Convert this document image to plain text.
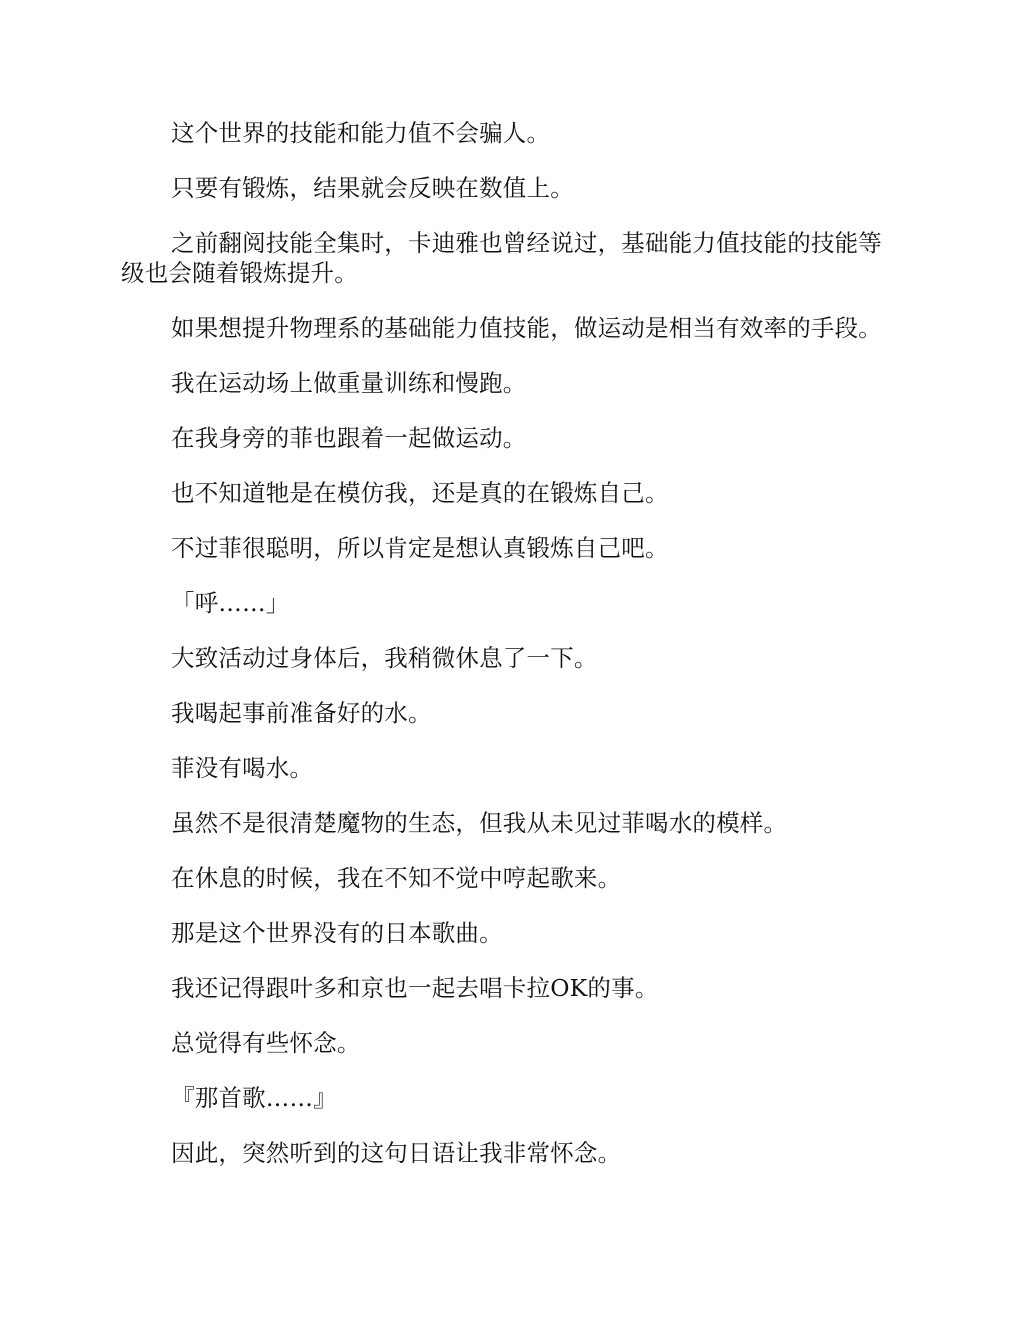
这个世界的技能和能力值不会骗人。

只要有锻炼，结果就会反映在数值上。

之前翻阅技能全集时，卡迪雅也曾经说过，基础能力值技能的技能等级也会随着锻炼提升。

如果想提升物理系的基础能力值技能，做运动是相当有效率的手段。

我在运动场上做重量训练和慢跑。

在我身旁的菲也跟着一起做运动。

也不知道牠是在模仿我，还是真的在锻炼自己。

不过菲很聪明，所以肯定是想认真锻炼自己吧。

「呼……」

大致活动过身体后，我稍微休息了一下。

我喝起事前准备好的水。

菲没有喝水。

虽然不是很清楚魔物的生态，但我从未见过菲喝水的模样。

在休息的时候，我在不知不觉中哼起歌来。

那是这个世界没有的日本歌曲。

我还记得跟叶多和京也一起去唱卡拉OK的事。

总觉得有些怀念。

『那首歌……』

因此，突然听到的这句日语让我非常怀念。
